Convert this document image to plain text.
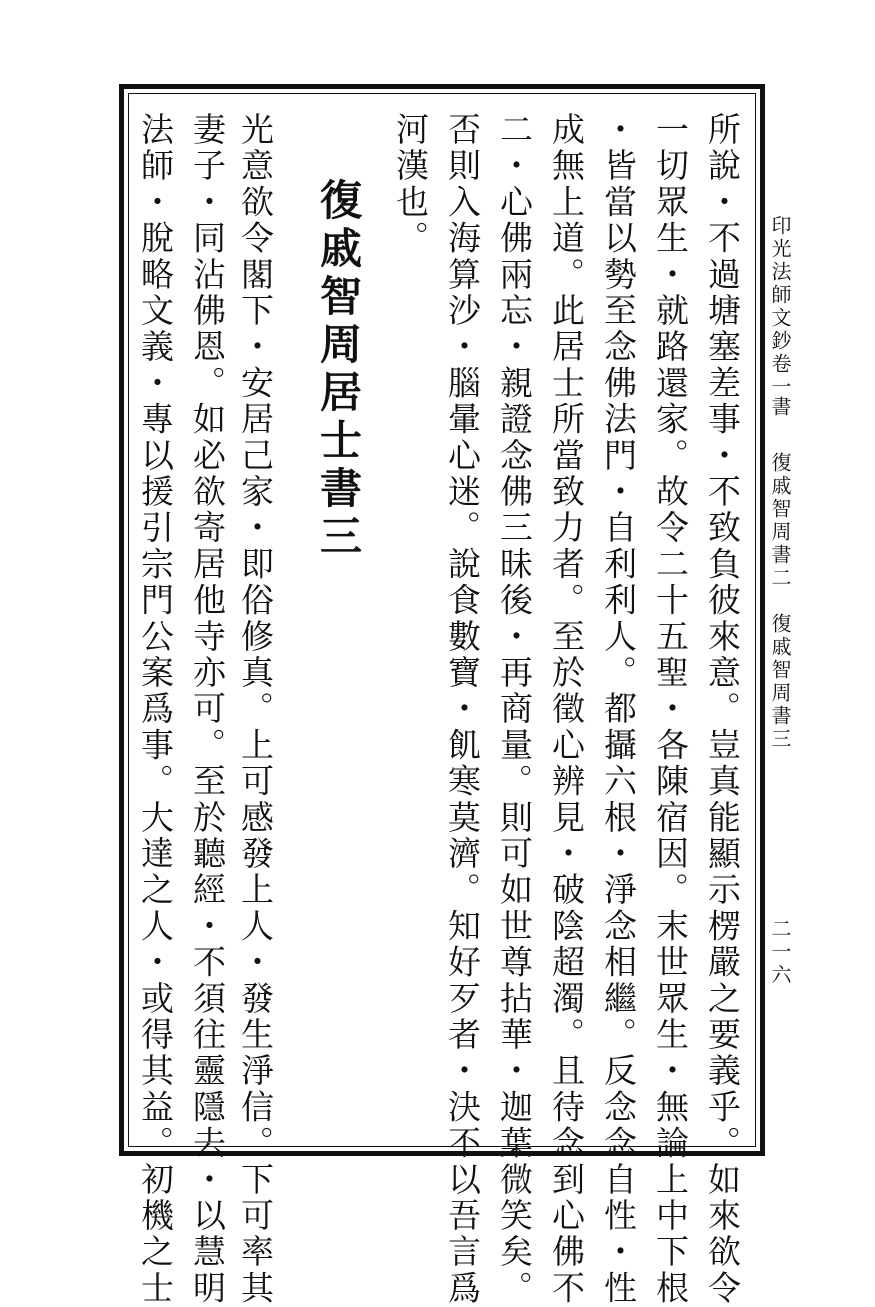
印光法師文鈔卷一
書
復戚智周書二　復戚智周書三
二一六
所說・不過塘塞差事・不致負彼來意。豈真能顯示楞嚴之要義乎。如來欲令
一切眾生・就路還家。故令二十五聖・各陳宿因。末世眾生・無論上中下根
・皆當以勢至念佛法門・自利利人。都攝六根・淨念相繼。反念念自性・性
成無上道。此居士所當致力者。至於徵心辨見・破陰超濁。且待念到心佛不
二・心佛兩忘・親證念佛三昧後・再商量。則可如世尊拈華・迦葉微笑矣。
否則入海算沙・腦暈心迷。說食數寶・飢寒莫濟。知好歹者・決不以吾言爲
河漢也。
復戚智周居士書三
光意欲令閣下・安居己家・即俗修真。上可感發上人・發生淨信。下可率其
妻子・同沾佛恩。如必欲寄居他寺亦可。至於聽經・不須往靈隱去・以慧明
法師・脫略文義・專以援引宗門公案爲事。大達之人・或得其益。初機之士
